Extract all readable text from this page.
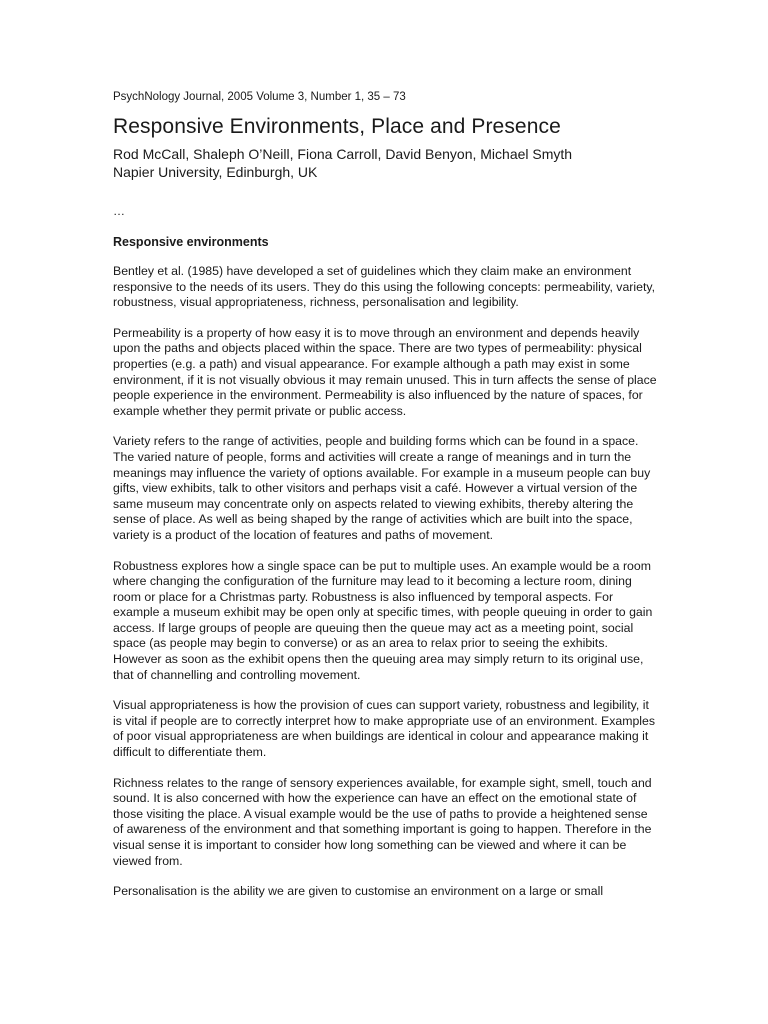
PsychNology Journal, 2005 Volume 3, Number 1, 35 – 73

Responsive Environments, Place and Presence

Rod McCall, Shaleph O’Neill, Fiona Carroll, David Benyon, Michael Smyth

Napier University, Edinburgh, UK

…

Responsive environments

Bentley et al. (1985) have developed a set of guidelines which they claim make an environment responsive to the needs of its users. They do this using the following concepts: permeability, variety, robustness, visual appropriateness, richness, personalisation and legibility.

Permeability is a property of how easy it is to move through an environment and depends heavily upon the paths and objects placed within the space. There are two types of permeability: physical properties (e.g. a path) and visual appearance. For example although a path may exist in some environment, if it is not visually obvious it may remain unused. This in turn affects the sense of place people experience in the environment. Permeability is also influenced by the nature of spaces, for example whether they permit private or public access.

Variety refers to the range of activities, people and building forms which can be found in a space. The varied nature of people, forms and activities will create a range of meanings and in turn the meanings may influence the variety of options available. For example in a museum people can buy gifts, view exhibits, talk to other visitors and perhaps visit a café. However a virtual version of the same museum may concentrate only on aspects related to viewing exhibits, thereby altering the sense of place. As well as being shaped by the range of activities which are built into the space, variety is a product of the location of features and paths of movement.

Robustness explores how a single space can be put to multiple uses. An example would be a room where changing the configuration of the furniture may lead to it becoming a lecture room, dining room or place for a Christmas party. Robustness is also influenced by temporal aspects. For example a museum exhibit may be open only at specific times, with people queuing in order to gain access. If large groups of people are queuing then the queue may act as a meeting point, social space (as people may begin to converse) or as an area to relax prior to seeing the exhibits. However as soon as the exhibit opens then the queuing area may simply return to its original use, that of channelling and controlling movement.

Visual appropriateness is how the provision of cues can support variety, robustness and legibility, it is vital if people are to correctly interpret how to make appropriate use of an environment. Examples of poor visual appropriateness are when buildings are identical in colour and appearance making it difficult to differentiate them.

Richness relates to the range of sensory experiences available, for example sight, smell, touch and sound. It is also concerned with how the experience can have an effect on the emotional state of those visiting the place. A visual example would be the use of paths to provide a heightened sense of awareness of the environment and that something important is going to happen. Therefore in the visual sense it is important to consider how long something can be viewed and where it can be viewed from.

Personalisation is the ability we are given to customise an environment on a large or small
